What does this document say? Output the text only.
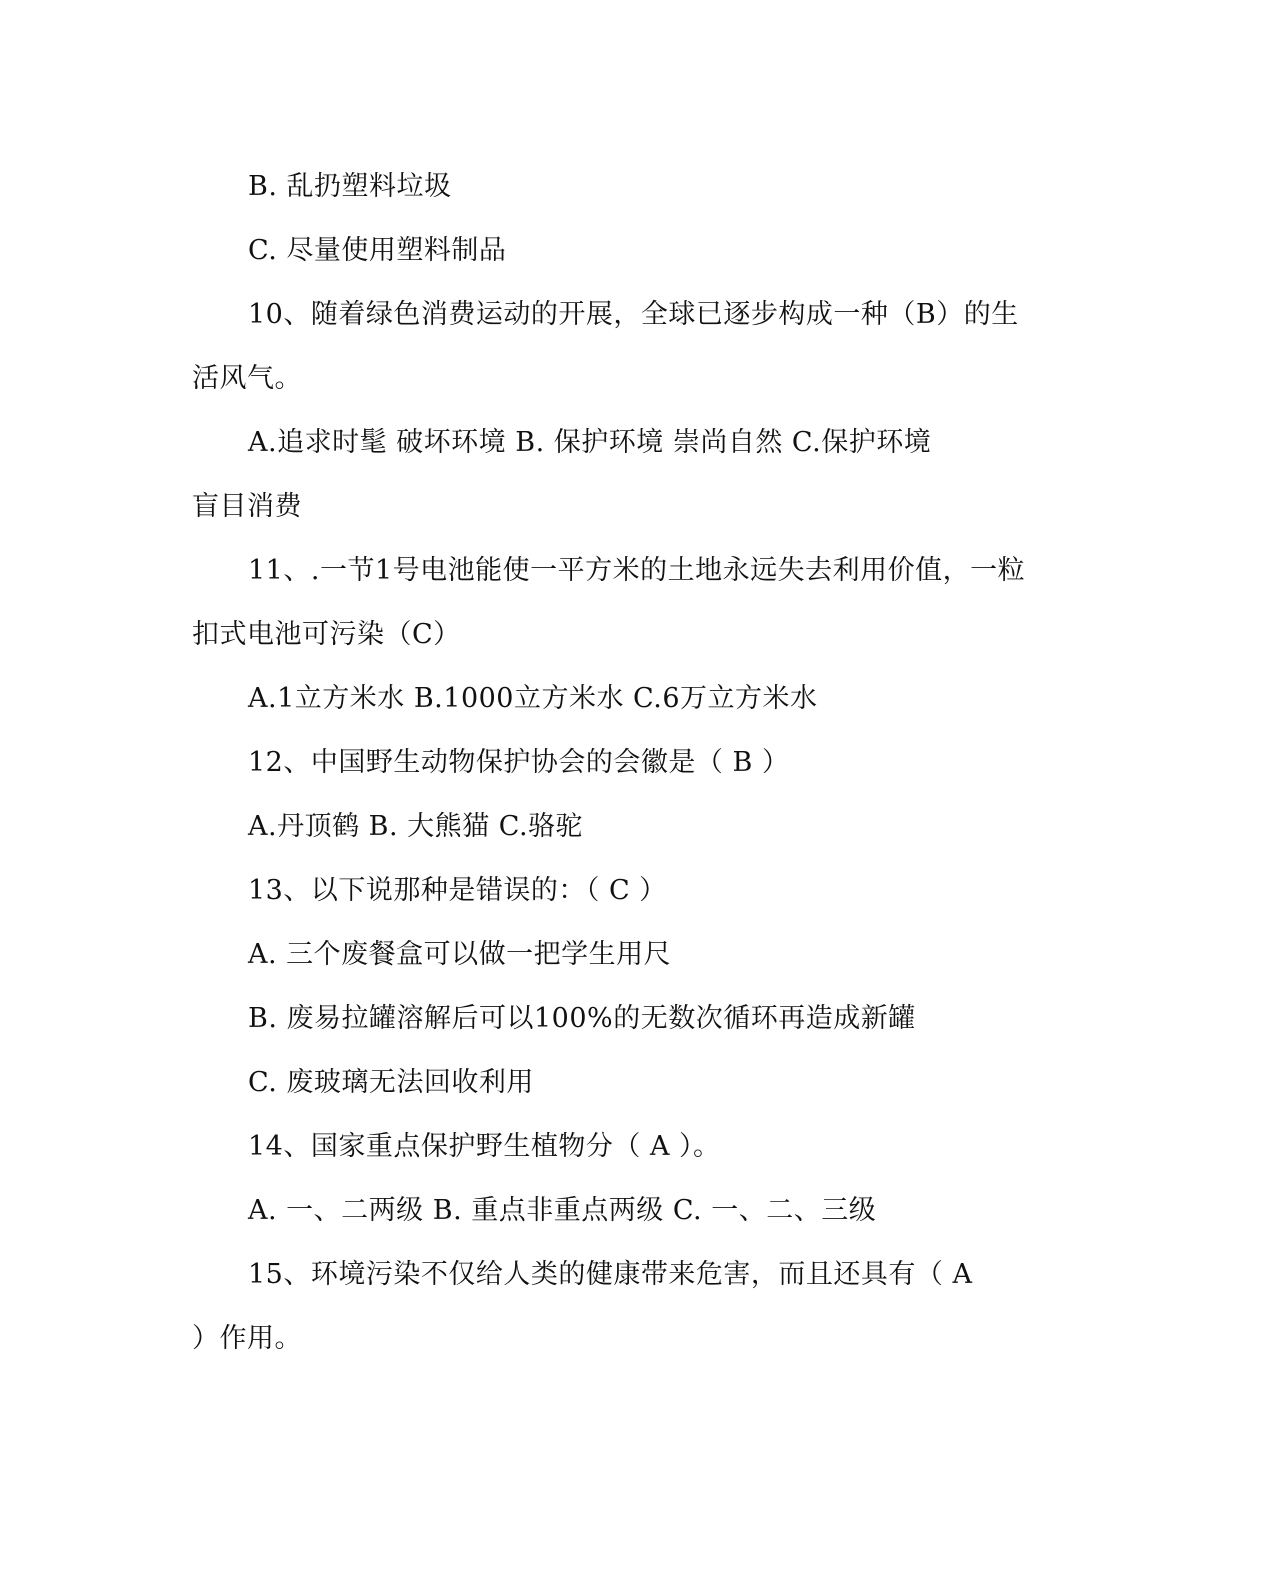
B. 乱扔塑料垃圾
C. 尽量使用塑料制品
10、随着绿色消费运动的开展，全球已逐步构成一种（B）的生
活风气。
A.追求时髦 破坏环境 B. 保护环境 崇尚自然 C.保护环境
盲目消费
11、.一节1号电池能使一平方米的土地永远失去利用价值，一粒
扣式电池可污染（C）
A.1立方米水 B.1000立方米水 C.6万立方米水
12、中国野生动物保护协会的会徽是（ B ）
A.丹顶鹤 B. 大熊猫 C.骆驼
13、以下说那种是错误的：（ C ）
A. 三个废餐盒可以做一把学生用尺
B. 废易拉罐溶解后可以100%的无数次循环再造成新罐
C. 废玻璃无法回收利用
14、国家重点保护野生植物分（ A ）。
A. 一、二两级 B. 重点非重点两级 C. 一、二、三级
15、环境污染不仅给人类的健康带来危害，而且还具有（ A
）作用。
